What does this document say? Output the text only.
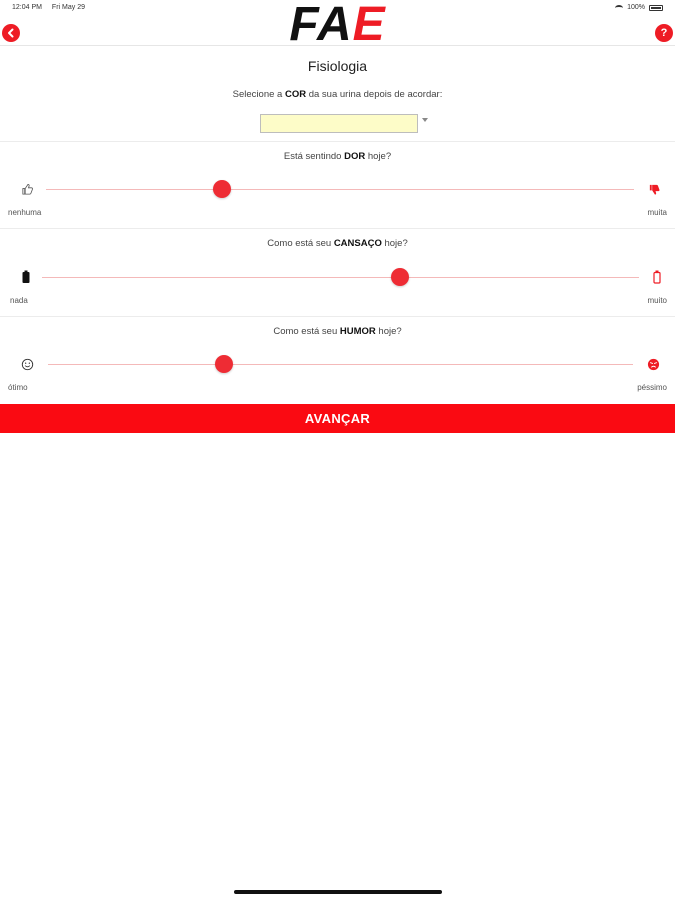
12:04 PM Fri May 29	100%
FAE	?
Fisiologia
Selecione a COR da sua urina depois de acordar:
Está sentindo DOR hoje?
nenhuma	muita
Como está seu CANSAÇO hoje?
nada	muito
Como está seu HUMOR hoje?
ótimo	péssimo
AVANÇAR
